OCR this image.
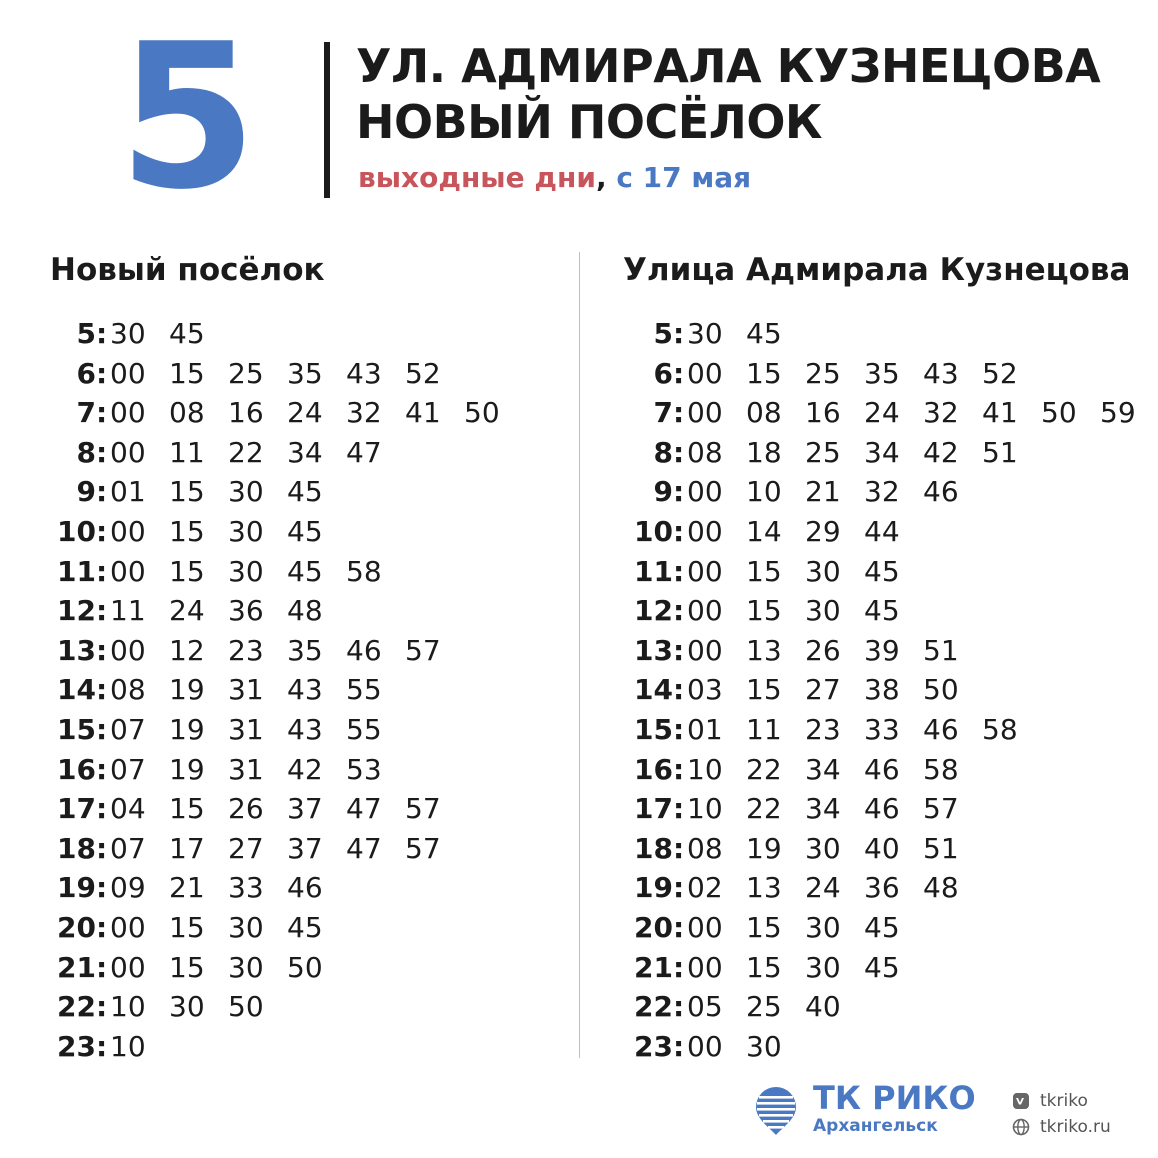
5 УЛ. АДМИРАЛА КУЗНЕЦОВА
НОВЫЙ ПОСЁЛОК
выходные дни, с 17 мая
Новый посёлок	Улица Адмирала Кузнецова
5 : 30 45
6 : 00 15 25 35 43 52
7 : 00 08 16 24 32 41 50
8 : 00 11 22 34 47
9 : 01 15 30 45
10 : 00 15 30 45
11 : 00 15 30 45 58
12 : 11 24 36 48
13 : 00 12 23 35 46 57
14 : 08 19 31 43 55
15 : 07 19 31 43 55
16 : 07 19 31 42 53
17 : 04 15 26 37 47 57
18 : 07 17 27 37 47 57
19 : 09 21 33 46
20 : 00 15 30 45
21 : 00 15 30 50
22 : 10 30 50
23 : 10
5 : 30 45
6 : 00 15 25 35 43 52
7 : 00 08 16 24 32 41 50 59
8 : 08 18 25 34 42 51
9 : 00 10 21 32 46
10 : 00 14 29 44
11 : 00 15 30 45
12 : 00 15 30 45
13 : 00 13 26 39 51
14 : 03 15 27 38 50
15 : 01 11 23 33 46 58
16 : 10 22 34 46 58
17 : 10 22 34 46 57
18 : 08 19 30 40 51
19 : 02 13 24 36 48
20 : 00 15 30 45
21 : 00 15 30 45
22 : 05 25 40
23 : 00 30
ТК РИКО
Архангельск
tkriko
tkriko.ru
